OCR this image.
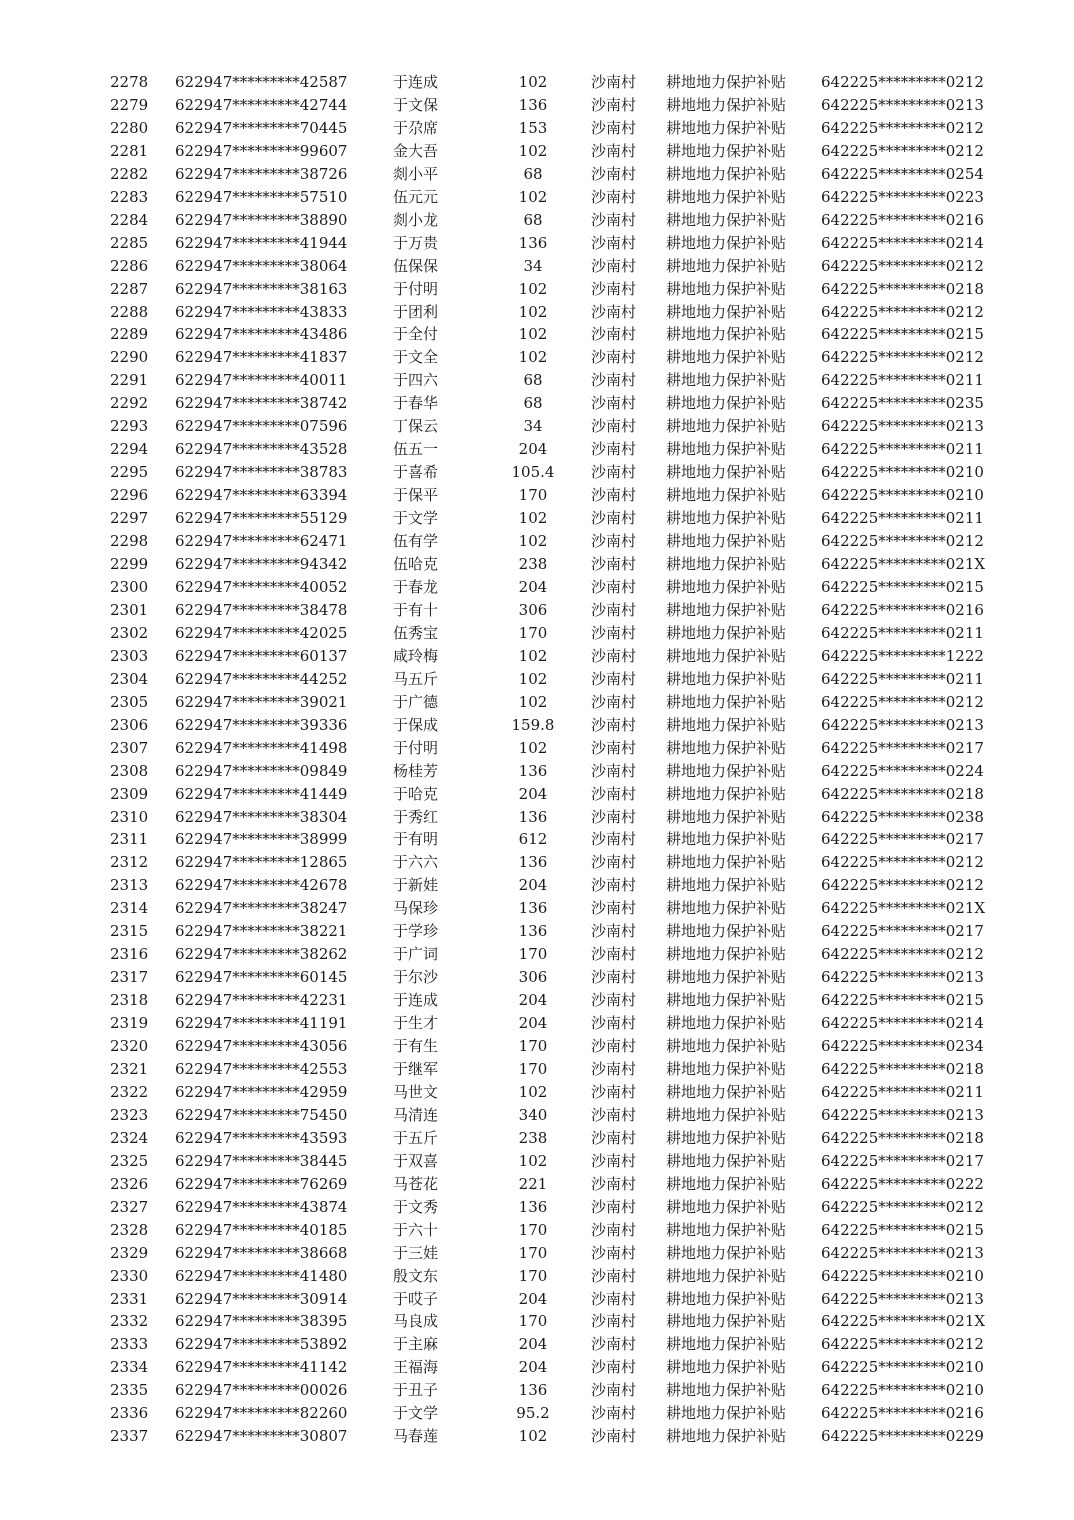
2278	622947*********42587	于连成	102	沙南村	耕地地力保护补贴	642225*********0212
2279	622947*********42744	于文保	136	沙南村	耕地地力保护补贴	642225*********0213
2280	622947*********70445	于尕席	153	沙南村	耕地地力保护补贴	642225*********0212
2281	622947*********99607	金大吾	102	沙南村	耕地地力保护补贴	642225*********0212
2282	622947*********38726	剡小平	68	沙南村	耕地地力保护补贴	642225*********0254
2283	622947*********57510	伍元元	102	沙南村	耕地地力保护补贴	642225*********0223
2284	622947*********38890	剡小龙	68	沙南村	耕地地力保护补贴	642225*********0216
2285	622947*********41944	于万贵	136	沙南村	耕地地力保护补贴	642225*********0214
2286	622947*********38064	伍保保	34	沙南村	耕地地力保护补贴	642225*********0212
2287	622947*********38163	于付明	102	沙南村	耕地地力保护补贴	642225*********0218
2288	622947*********43833	于团利	102	沙南村	耕地地力保护补贴	642225*********0212
2289	622947*********43486	于全付	102	沙南村	耕地地力保护补贴	642225*********0215
2290	622947*********41837	于文全	102	沙南村	耕地地力保护补贴	642225*********0212
2291	622947*********40011	于四六	68	沙南村	耕地地力保护补贴	642225*********0211
2292	622947*********38742	于春华	68	沙南村	耕地地力保护补贴	642225*********0235
2293	622947*********07596	丁保云	34	沙南村	耕地地力保护补贴	642225*********0213
2294	622947*********43528	伍五一	204	沙南村	耕地地力保护补贴	642225*********0211
2295	622947*********38783	于喜希	105.4	沙南村	耕地地力保护补贴	642225*********0210
2296	622947*********63394	于保平	170	沙南村	耕地地力保护补贴	642225*********0210
2297	622947*********55129	于文学	102	沙南村	耕地地力保护补贴	642225*********0211
2298	622947*********62471	伍有学	102	沙南村	耕地地力保护补贴	642225*********0212
2299	622947*********94342	伍哈克	238	沙南村	耕地地力保护补贴	642225*********021X
2300	622947*********40052	于春龙	204	沙南村	耕地地力保护补贴	642225*********0215
2301	622947*********38478	于有十	306	沙南村	耕地地力保护补贴	642225*********0216
2302	622947*********42025	伍秀宝	170	沙南村	耕地地力保护补贴	642225*********0211
2303	622947*********60137	咸玲梅	102	沙南村	耕地地力保护补贴	642225*********1222
2304	622947*********44252	马五斤	102	沙南村	耕地地力保护补贴	642225*********0211
2305	622947*********39021	于广德	102	沙南村	耕地地力保护补贴	642225*********0212
2306	622947*********39336	于保成	159.8	沙南村	耕地地力保护补贴	642225*********0213
2307	622947*********41498	于付明	102	沙南村	耕地地力保护补贴	642225*********0217
2308	622947*********09849	杨桂芳	136	沙南村	耕地地力保护补贴	642225*********0224
2309	622947*********41449	于哈克	204	沙南村	耕地地力保护补贴	642225*********0218
2310	622947*********38304	于秀红	136	沙南村	耕地地力保护补贴	642225*********0238
2311	622947*********38999	于有明	612	沙南村	耕地地力保护补贴	642225*********0217
2312	622947*********12865	于六六	136	沙南村	耕地地力保护补贴	642225*********0212
2313	622947*********42678	于新娃	204	沙南村	耕地地力保护补贴	642225*********0212
2314	622947*********38247	马保珍	136	沙南村	耕地地力保护补贴	642225*********021X
2315	622947*********38221	于学珍	136	沙南村	耕地地力保护补贴	642225*********0217
2316	622947*********38262	于广词	170	沙南村	耕地地力保护补贴	642225*********0212
2317	622947*********60145	于尔沙	306	沙南村	耕地地力保护补贴	642225*********0213
2318	622947*********42231	于连成	204	沙南村	耕地地力保护补贴	642225*********0215
2319	622947*********41191	于生才	204	沙南村	耕地地力保护补贴	642225*********0214
2320	622947*********43056	于有生	170	沙南村	耕地地力保护补贴	642225*********0234
2321	622947*********42553	于继军	170	沙南村	耕地地力保护补贴	642225*********0218
2322	622947*********42959	马世文	102	沙南村	耕地地力保护补贴	642225*********0211
2323	622947*********75450	马清连	340	沙南村	耕地地力保护补贴	642225*********0213
2324	622947*********43593	于五斤	238	沙南村	耕地地力保护补贴	642225*********0218
2325	622947*********38445	于双喜	102	沙南村	耕地地力保护补贴	642225*********0217
2326	622947*********76269	马苍花	221	沙南村	耕地地力保护补贴	642225*********0222
2327	622947*********43874	于文秀	136	沙南村	耕地地力保护补贴	642225*********0212
2328	622947*********40185	于六十	170	沙南村	耕地地力保护补贴	642225*********0215
2329	622947*********38668	于三娃	170	沙南村	耕地地力保护补贴	642225*********0213
2330	622947*********41480	殷文东	170	沙南村	耕地地力保护补贴	642225*********0210
2331	622947*********30914	于哎子	204	沙南村	耕地地力保护补贴	642225*********0213
2332	622947*********38395	马良成	170	沙南村	耕地地力保护补贴	642225*********021X
2333	622947*********53892	于主麻	204	沙南村	耕地地力保护补贴	642225*********0212
2334	622947*********41142	王福海	204	沙南村	耕地地力保护补贴	642225*********0210
2335	622947*********00026	于丑子	136	沙南村	耕地地力保护补贴	642225*********0210
2336	622947*********82260	于文学	95.2	沙南村	耕地地力保护补贴	642225*********0216
2337	622947*********30807	马春莲	102	沙南村	耕地地力保护补贴	642225*********0229
